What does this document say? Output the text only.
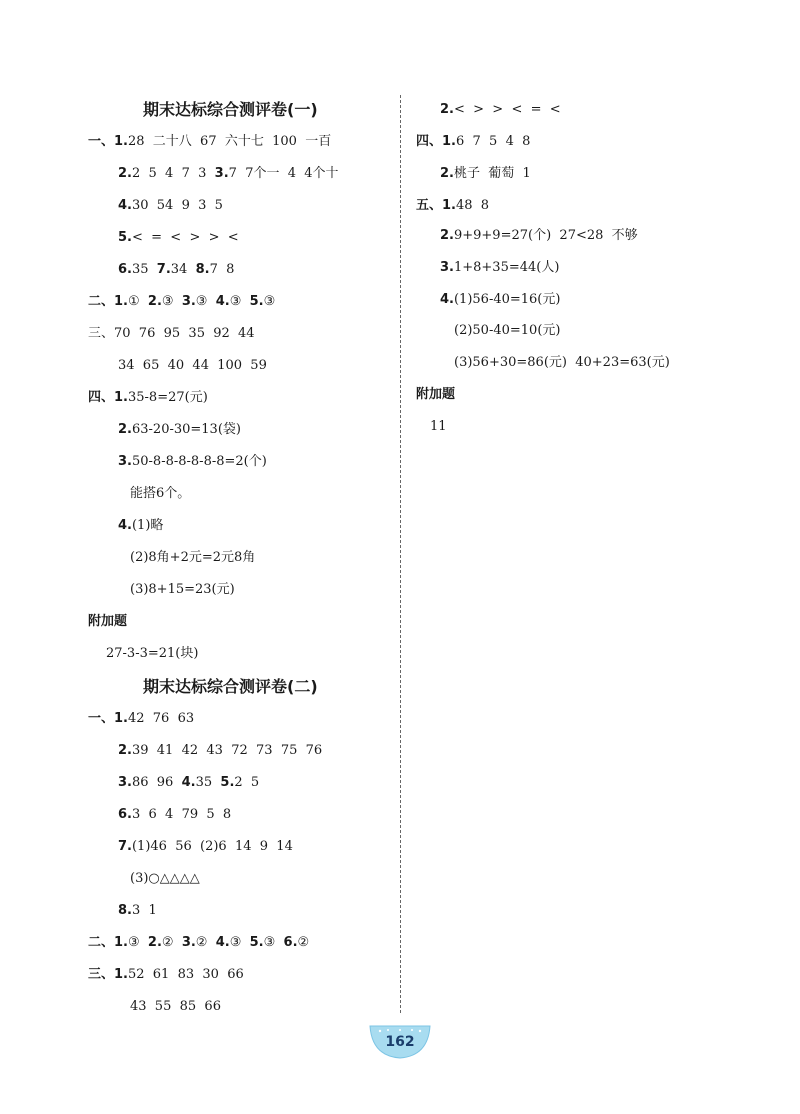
期末达标综合测评卷(一)
一、1.28  二十八  67  六十七  100  一百
2.2  5  4  7  3  3.7  7个一  4  4个十
4.30  54  9  3  5
5.<  =  <  >  >  <
6.35  7.34  8.7  8
二、1.①  2.③  3.③  4.③  5.③
三、70  76  95  35  92  44
34  65  40  44  100  59
四、1.35-8=27(元)
2.63-20-30=13(袋)
3.50-8-8-8-8-8-8=2(个)
能搭6个。
4.(1)略
(2)8角+2元=2元8角
(3)8+15=23(元)
附加题
27-3-3=21(块)
期末达标综合测评卷(二)
一、1.42  76  63
2.39  41  42  43  72  73  75  76
3.86  96  4.35  5.2  5
6.3  6  4  79  5  8
7.(1)46  56  (2)6  14  9  14
(3)○△△△△
8.3  1
二、1.③  2.②  3.②  4.③  5.③  6.②
三、1.52  61  83  30  66
43  55  85  66
2.<  >  >  <  =  <
四、1.6  7  5  4  8
2.桃子  葡萄  1
五、1.48  8
2.9+9+9=27(个)  27<28  不够
3.1+8+35=44(人)
4.(1)56-40=16(元)
(2)50-40=10(元)
(3)56+30=86(元)  40+23=63(元)
附加题
11
162
